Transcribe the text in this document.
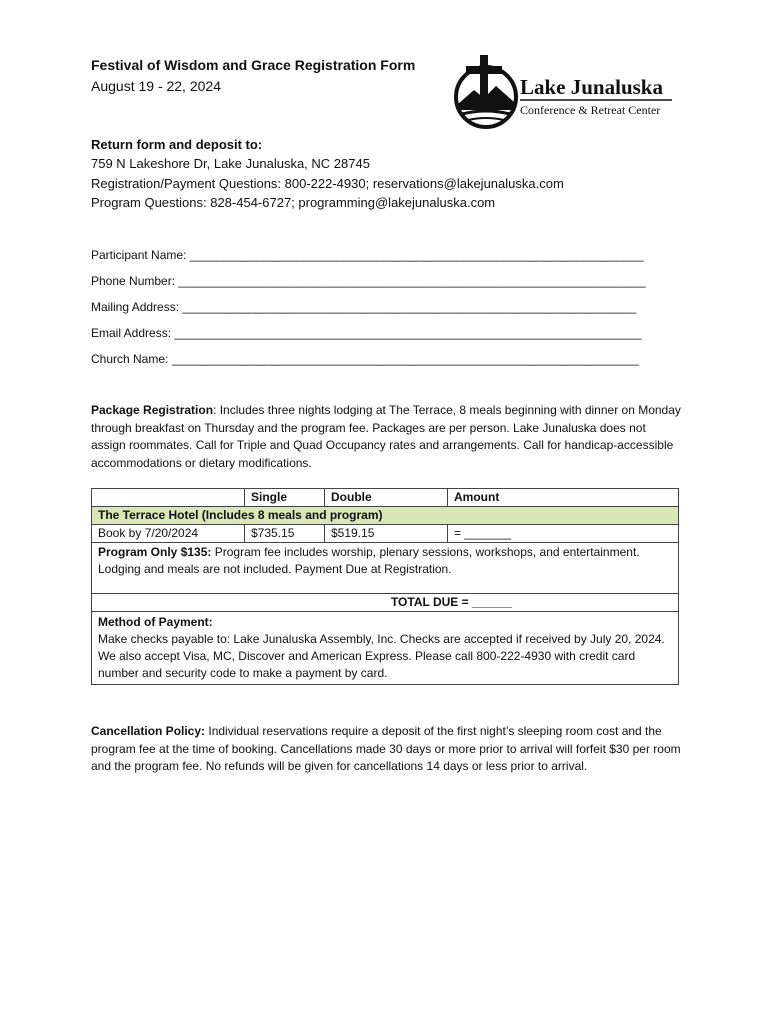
Festival of Wisdom and Grace Registration Form
August 19 - 22, 2024	Lake Junaluska
Conference & Retreat Center
Return form and deposit to:
759 N Lakeshore Dr, Lake Junaluska, NC 28745
Registration/Payment Questions: 800-222-4930; reservations@lakejunaluska.com
Program Questions: 828-454-6727; programming@lakejunaluska.com
Participant Name: ____________________________________________________________________
Phone Number: ______________________________________________________________________
Mailing Address: ____________________________________________________________________
Email Address: ______________________________________________________________________
Church Name: ______________________________________________________________________
Package Registration: Includes three nights lodging at The Terrace, 8 meals beginning with dinner on Monday through breakfast on Thursday and the program fee. Packages are per person. Lake Junaluska does not assign roommates. Call for Triple and Quad Occupancy rates and arrangements. Call for handicap-accessible accommodations or dietary modifications.
	Single	Double	Amount
The Terrace Hotel (Includes 8 meals and program)			
Book by 7/20/2024	$735.15	$519.15	= _______
Program Only $135: Program fee includes worship, plenary sessions, workshops, and entertainment. Lodging and meals are not included. Payment Due at Registration.			
TOTAL DUE = ______			
Method of Payment:
Make checks payable to: Lake Junaluska Assembly, Inc. Checks are accepted if received by July 20, 2024. We also accept Visa, MC, Discover and American Express. Please call 800-222-4930 with credit card number and security code to make a payment by card.			
Cancellation Policy: Individual reservations require a deposit of the first night’s sleeping room cost and the program fee at the time of booking. Cancellations made 30 days or more prior to arrival will forfeit $30 per room and the program fee. No refunds will be given for cancellations 14 days or less prior to arrival.
